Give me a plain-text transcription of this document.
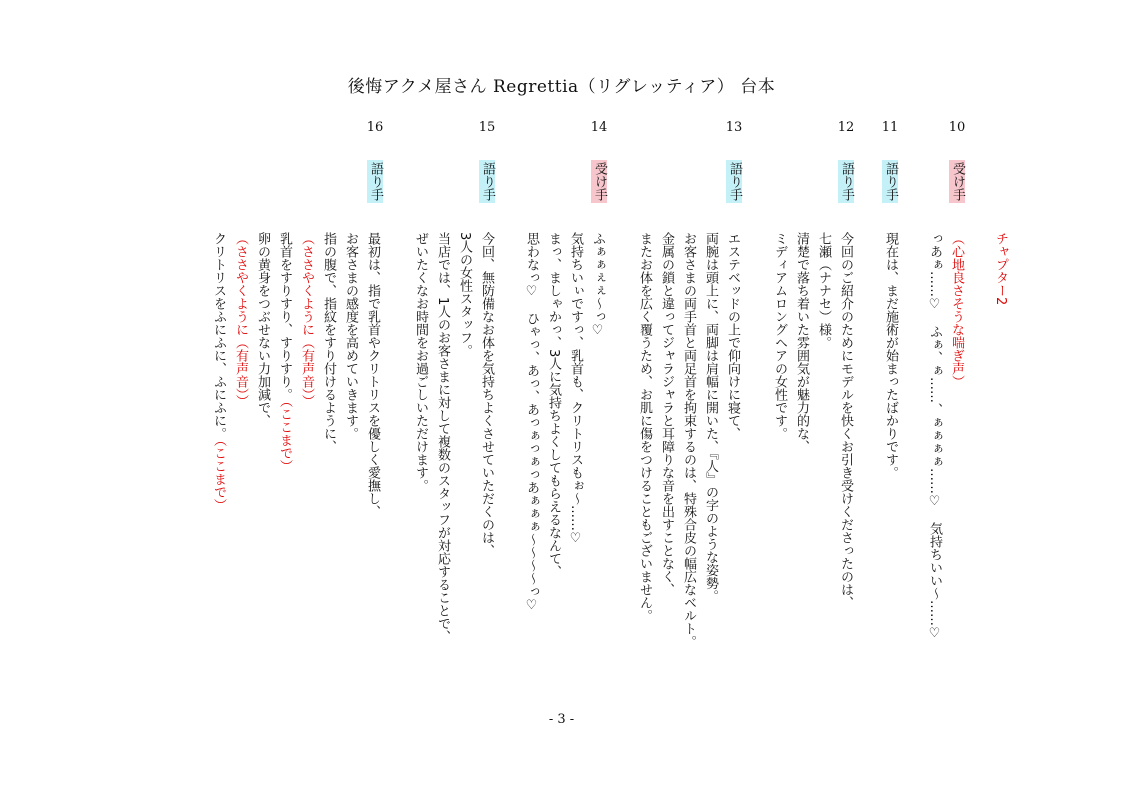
後悔アクメ屋さん Regrettia（リグレッティア） 台本
10
11
12
13
14
15
16
受け手
語り手
語り手
語り手
受け手
語り手
語り手
チャプター2
（心地良さそうな喘ぎ声）
っあぁ……♡　ふぁ、ぁ……、ぁぁぁぁ……♡　気持ちいい～……♡
現在は、まだ施術が始まったばかりです。
今回のご紹介のためにモデルを快くお引き受けくださったのは、
七瀬（ナナセ）様。
清楚で落ち着いた雰囲気が魅力的な、
ミディアムロングヘアの女性です。
エステベッドの上で仰向けに寝て、
両腕は頭上に、両脚は肩幅に開いた、『人』の字のような姿勢。
お客さまの両手首と両足首を拘束するのは、特殊合皮の幅広なベルト。
金属の鎖と違ってジャラジャラと耳障りな音を出すことなく、
またお体を広く覆うため、お肌に傷をつけることもございません。
ふぁぁぇぇ～っ♡
気持ちいぃですっ、乳首も、クリトリスもぉ～……♡
まっ、ましゃかっ、3人に気持ちよくしてもらえるなんて、
思わなっ♡　ひゃっ、あっ、あっぁっぁっあぁぁぁ～～～～っ♡
今回、無防備なお体を気持ちよくさせていただくのは、
3人の女性スタッフ。
当店では、1人のお客さまに対して複数のスタッフが対応することで、
ぜいたくなお時間をお過ごしいただけます。
最初は、指で乳首やクリトリスを優しく愛撫し、
お客さまの感度を高めていきます。
指の腹で、指紋をすり付けるように、
（ささやくように（有声音））
乳首をすりすり、すりすり。（ここまで）
卵の黄身をつぶせない力加減で、
（ささやくように（有声音））
クリトリスをふにふに、ふにふに。（ここまで）
- 3 -
